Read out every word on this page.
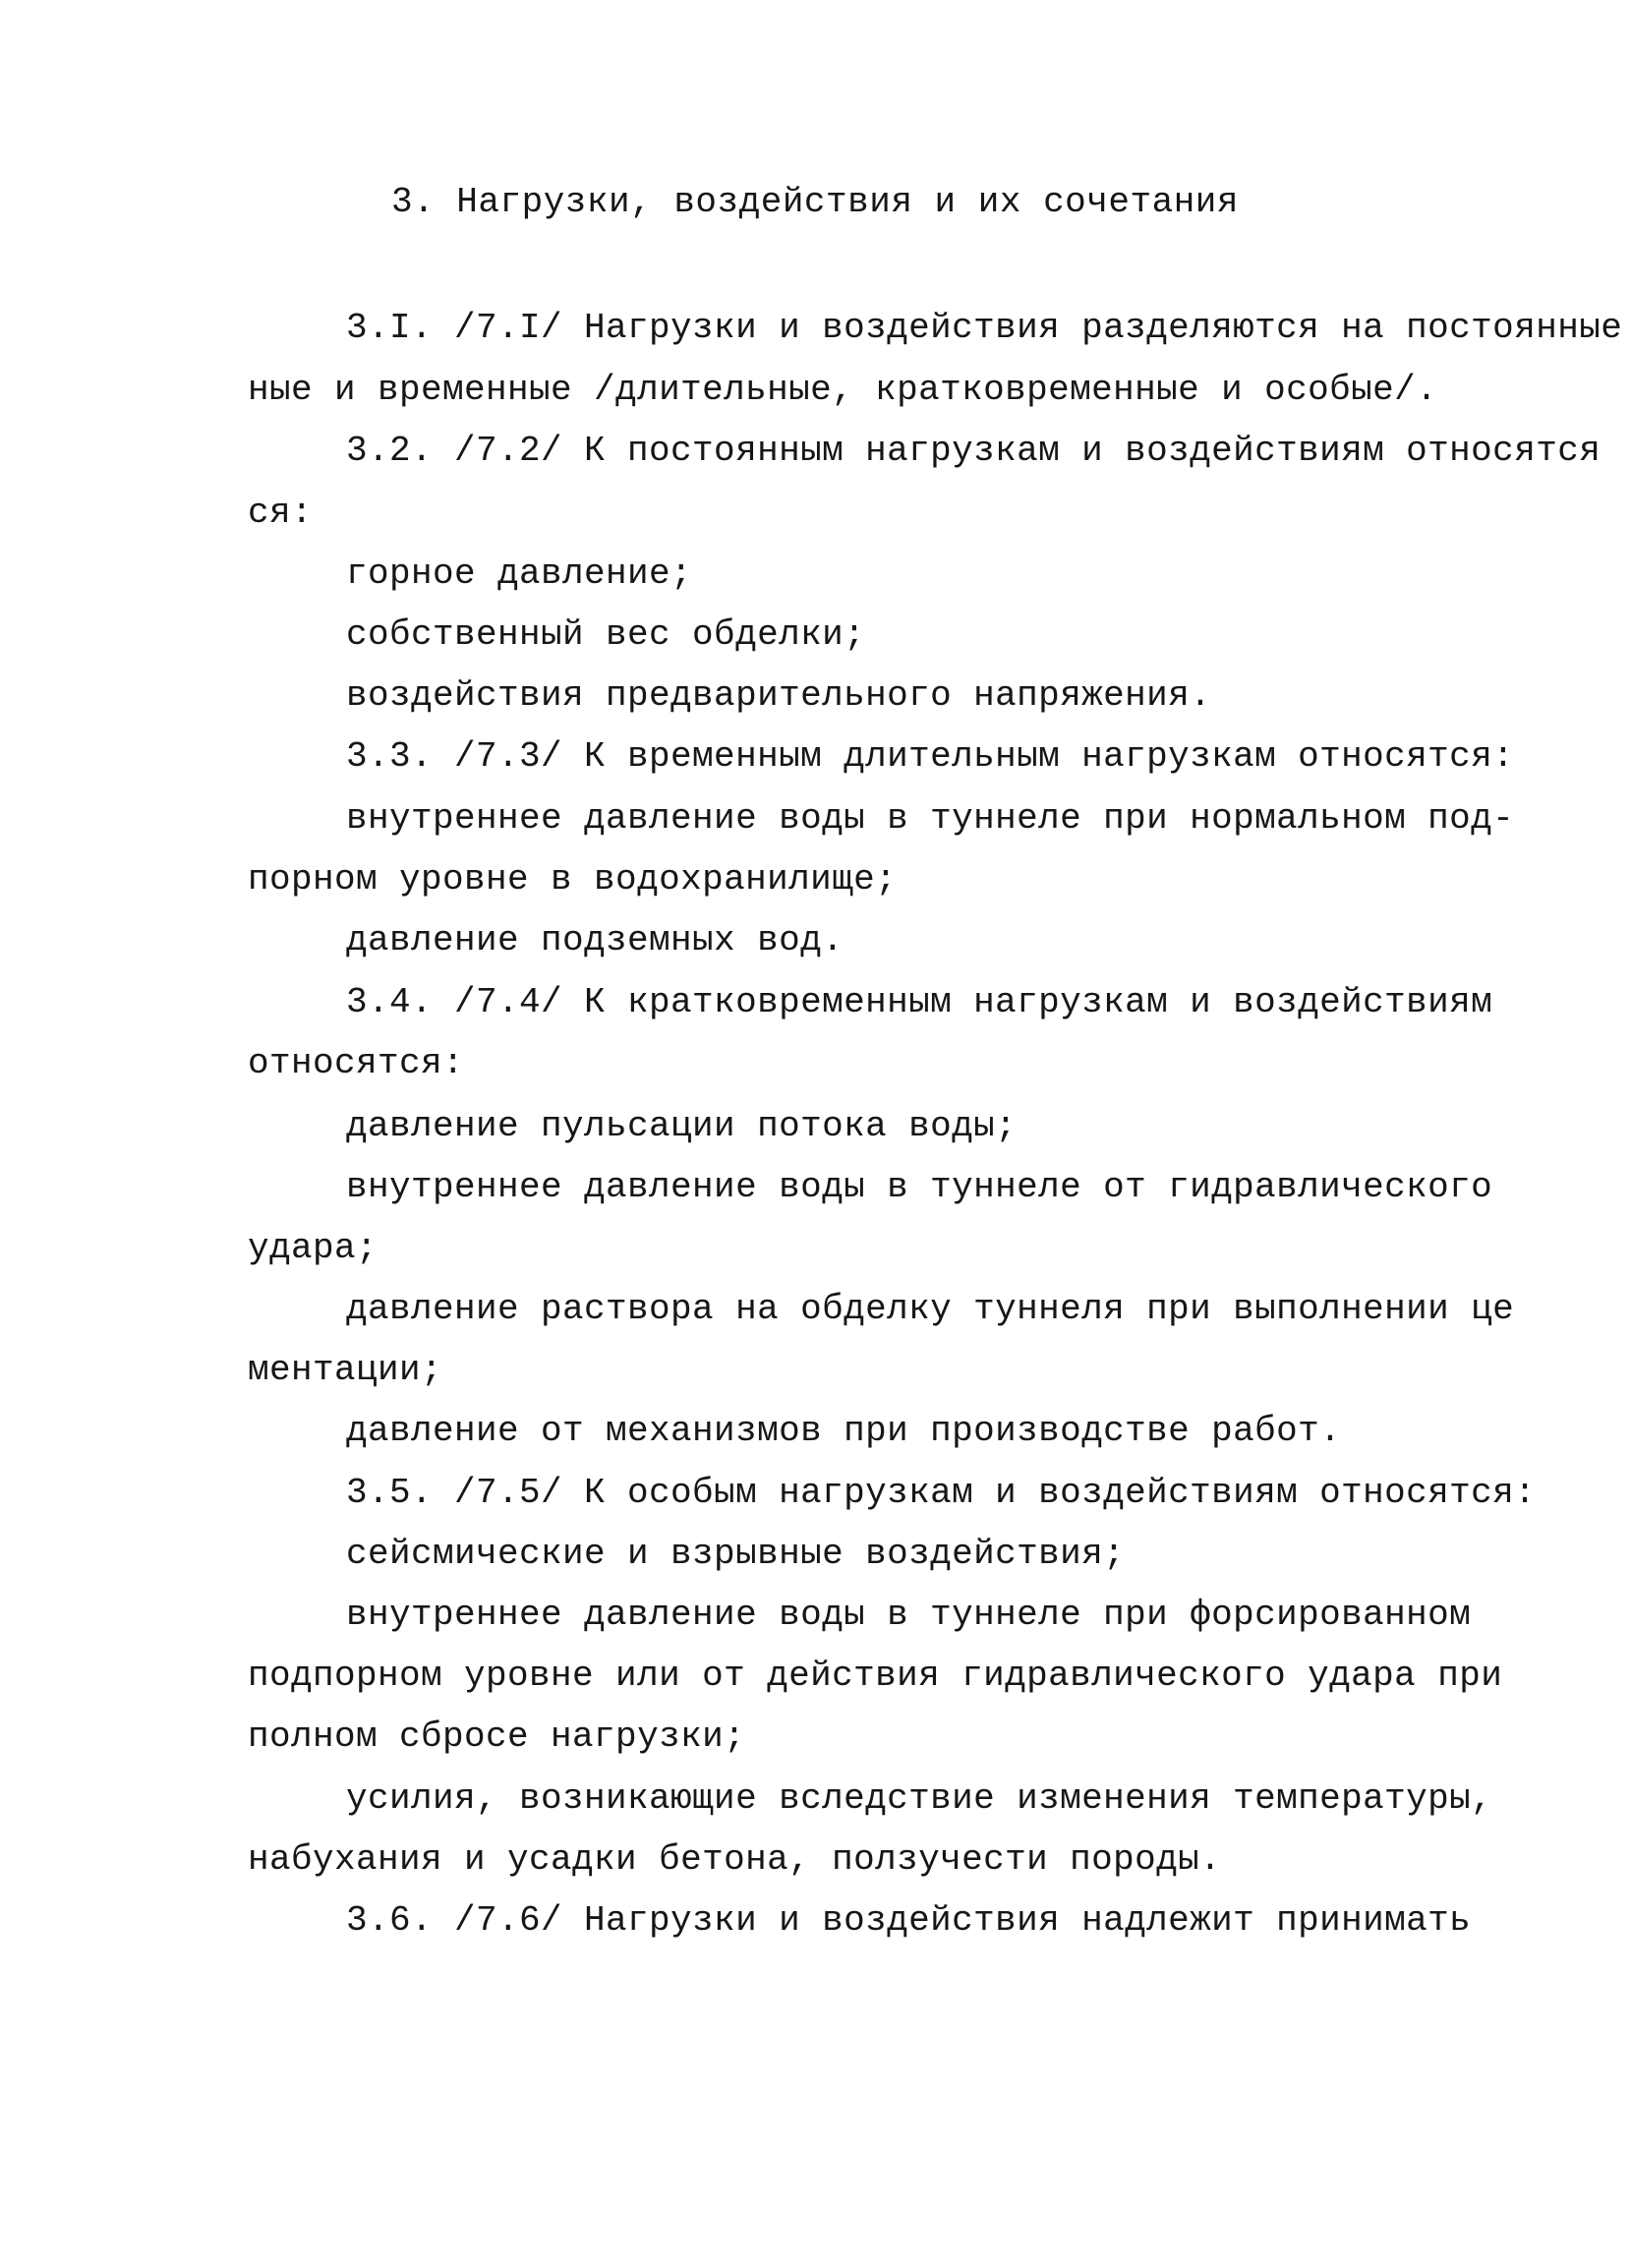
3. Нагрузки, воздействия и их сочетания
3.I. /7.I/ Нагрузки и воздействия разделяются на постоянные
ные и временные /длительные, кратковременные и особые/.
3.2. /7.2/ К постоянным нагрузкам и воздействиям относятся
ся:
горное давление;
собственный вес обделки;
воздействия предварительного напряжения.
3.3. /7.3/ К временным длительным нагрузкам относятся:
внутреннее давление воды в туннеле при нормальном под-
порном уровне в водохранилище;
давление подземных вод.
3.4. /7.4/ К кратковременным нагрузкам и воздействиям
относятся:
давление пульсации потока воды;
внутреннее давление воды в туннеле от гидравлического
удара;
давление раствора на обделку туннеля при выполнении це
ментации;
давление от механизмов при производстве работ.
3.5. /7.5/ К особым нагрузкам и воздействиям относятся:
сейсмические и взрывные воздействия;
внутреннее давление воды в туннеле при форсированном
подпорном уровне или от действия гидравлического удара при
полном сбросе нагрузки;
усилия, возникающие вследствие изменения температуры,
набухания и усадки бетона, ползучести породы.
3.6. /7.6/ Нагрузки и воздействия надлежит принимать
